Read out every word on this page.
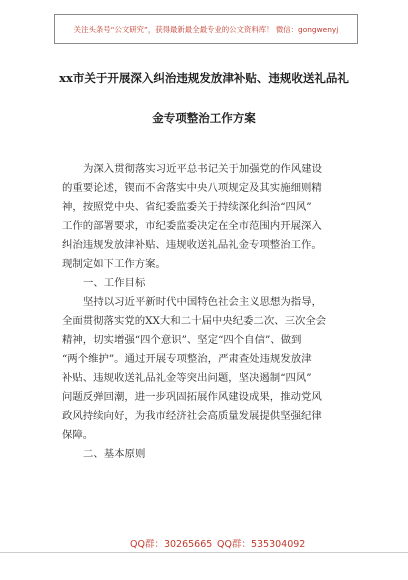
关注头条号“公文研究”，获得最新最全最专业的公文资料库！ 微信：gongwenyj
xx市关于开展深入纠治违规发放津补贴、违规收送礼品礼
金专项整治工作方案
为深入贯彻落实习近平总书记关于加强党的作风建设
的重要论述，锲而不舍落实中央八项规定及其实施细则精
神，按照党中央、省纪委监委关于持续深化纠治“四风”
工作的部署要求，市纪委监委决定在全市范围内开展深入
纠治违规发放津补贴、违规收送礼品礼金专项整治工作。
现制定如下工作方案。
一、工作目标
坚持以习近平新时代中国特色社会主义思想为指导，
全面贯彻落实党的XX大和二十届中央纪委二次、三次全会
精神，切实增强“四个意识”、坚定“四个自信”、做到
“两个维护”。通过开展专项整治，严肃查处违规发放津
补贴、违规收送礼品礼金等突出问题，坚决遏制“四风”
问题反弹回潮，进一步巩固拓展作风建设成果，推动党风
政风持续向好，为我市经济社会高质量发展提供坚强纪律
保障。
二、基本原则
QQ群：30265665 QQ群：535304092
